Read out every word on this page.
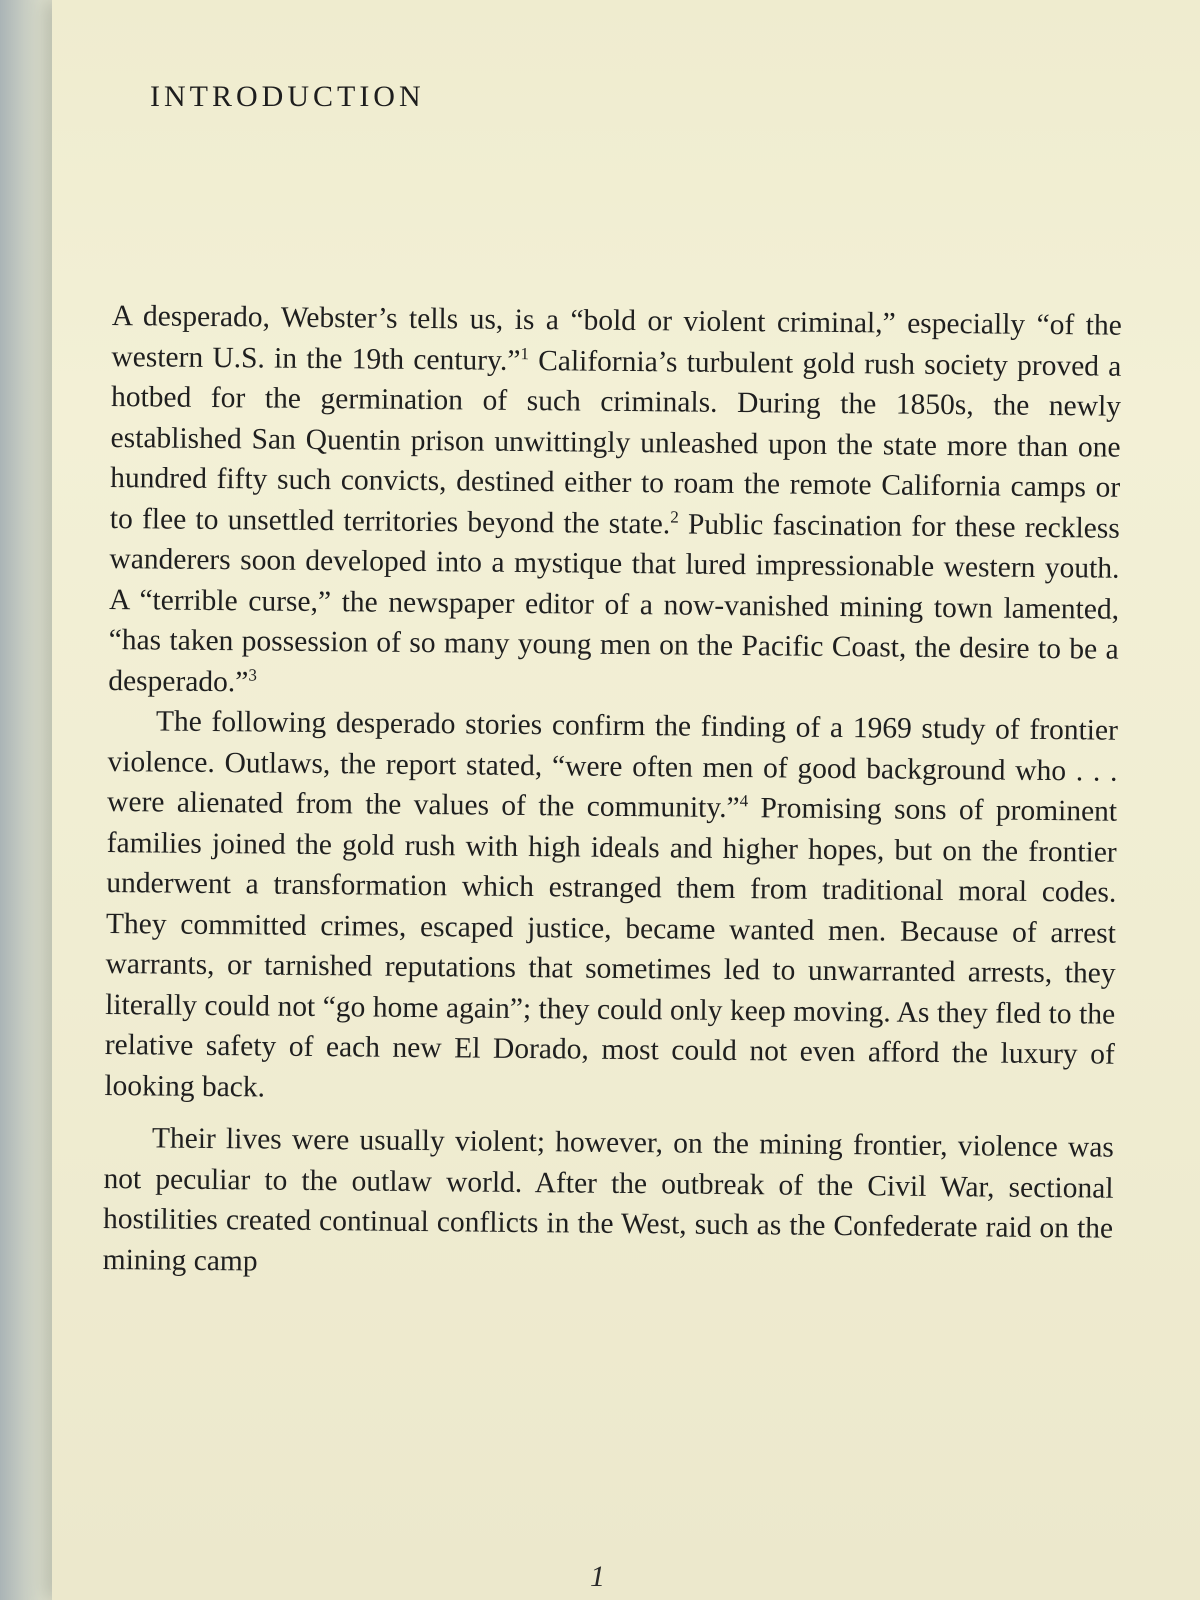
INTRODUCTION

A desperado, Webster’s tells us, is a “bold or violent criminal,” especially “of the western U.S. in the 19th century.”$^1$ California’s turbulent gold rush society proved a hotbed for the germination of such criminals. During the 1850s, the newly established San Quentin prison unwittingly unleashed upon the state more than one hundred fifty such convicts, destined either to roam the remote California camps or to flee to unsettled territories beyond the state.$^2$ Public fascination for these reckless wanderers soon developed into a mystique that lured impressionable western youth. A “terrible curse,” the newspaper editor of a now-vanished mining town lamented, “has taken possession of so many young men on the Pacific Coast, the desire to be a desperado.”$^3$

The following desperado stories confirm the finding of a 1969 study of frontier violence. Outlaws, the report stated, “were often men of good background who . . . were alienated from the values of the community.”$^4$ Promising sons of prominent families joined the gold rush with high ideals and higher hopes, but on the frontier underwent a transformation which estranged them from traditional moral codes. They committed crimes, escaped justice, became wanted men. Because of arrest warrants, or tarnished reputations that sometimes led to unwarranted arrests, they literally could not “go home again”; they could only keep moving. As they fled to the relative safety of each new El Dorado, most could not even afford the luxury of looking back.

Their lives were usually violent; however, on the mining frontier, violence was not peculiar to the outlaw world. After the outbreak of the Civil War, sectional hostilities created continual conflicts in the West, such as the Confederate raid on the mining camp

1
